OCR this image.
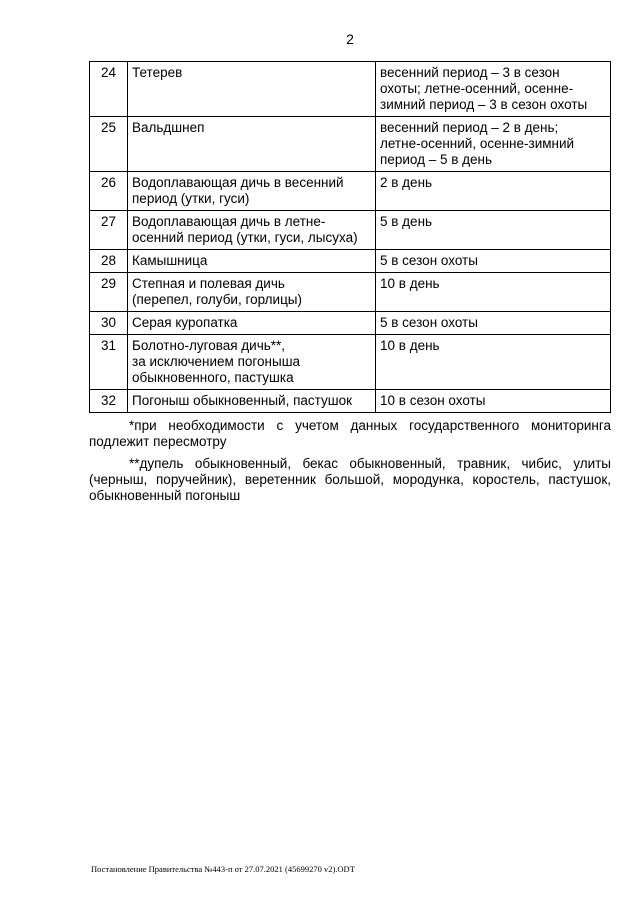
2
24	Тетерев	весенний период – 3 в сезон
охоты; летне-осенний, осенне-
зимний период – 3 в сезон охоты

25	Вальдшнеп	весенний период – 2 в день;
летне-осенний, осенне-зимний
период – 5 в день

26	Водоплавающая дичь в весенний
период (утки, гуси)	2 в день

27	Водоплавающая дичь в летне-
осенний период (утки, гуси, лысуха)	5 в день

28	Камышница	5 в сезон охоты

29	Степная и полевая дичь
(перепел, голуби, горлицы)	10 в день

30	Серая куропатка	5 в сезон охоты

31	Болотно-луговая дичь**,
за исключением погоныша
обыкновенного, пастушка	10 в день

32	Погоныш обыкновенный, пастушок	10 в сезон охоты

*при необходимости с учетом данных государственного мониторинга подлежит пересмотру

**дупель обыкновенный, бекас обыкновенный, травник, чибис, улиты (черныш, поручейник), веретенник большой, мородунка, коростель, пастушок, обыкновенный погоныш

Постановление Правительства №443-п от 27.07.2021 (45699270 v2).ODT
